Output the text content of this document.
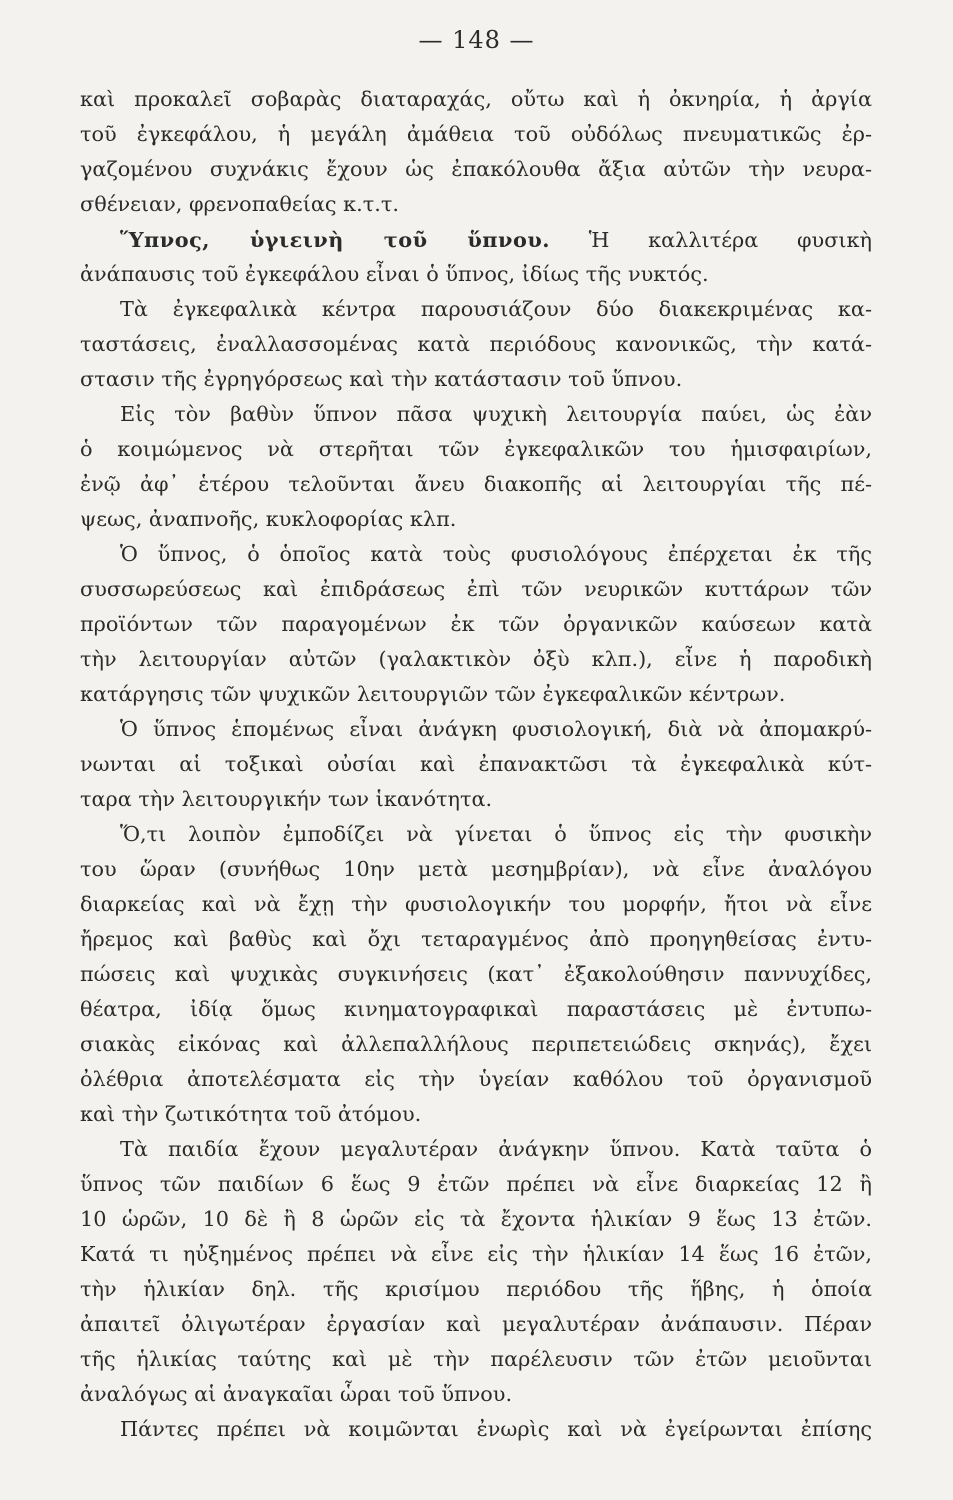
— 148 —
καὶ προκαλεῖ σοβαρὰς διαταραχάς, οὔτω καὶ ἡ ὀκνηρία, ἡ ἀργία
τοῦ ἐγκεφάλου, ἡ μεγάλη ἀμάθεια τοῦ οὐδόλως πνευματικῶς ἐρ-
γαζομένου συχνάκις ἔχουν ὡς ἐπακόλουθα ἄξια αὐτῶν τὴν νευρα-
σθένειαν, φρενοπαθείας κ.τ.τ.
Ὕπνος, ὑγιεινὴ τοῦ ὕπνου. Ἡ καλλιτέρα φυσικὴ
ἀνάπαυσις τοῦ ἐγκεφάλου εἶναι ὁ ὕπνος, ἰδίως τῆς νυκτός.
Τὰ ἐγκεφαλικὰ κέντρα παρουσιάζουν δύο διακεκριμένας κα-
ταστάσεις, ἐναλλασσομένας κατὰ περιόδους κανονικῶς, τὴν κατά-
στασιν τῆς ἐγρηγόρσεως καὶ τὴν κατάστασιν τοῦ ὕπνου.
Εἰς τὸν βαθὺν ὕπνον πᾶσα ψυχικὴ λειτουργία παύει, ὡς ἐὰν
ὁ κοιμώμενος νὰ στερῆται τῶν ἐγκεφαλικῶν του ἡμισφαιρίων,
ἐνῷ ἀφ᾽ ἑτέρου τελοῦνται ἄνευ διακοπῆς αἱ λειτουργίαι τῆς πέ-
ψεως, ἀναπνοῆς, κυκλοφορίας κλπ.
Ὁ ὕπνος, ὁ ὁποῖος κατὰ τοὺς φυσιολόγους ἐπέρχεται ἐκ τῆς
συσσωρεύσεως καὶ ἐπιδράσεως ἐπὶ τῶν νευρικῶν κυττάρων τῶν
προϊόντων τῶν παραγομένων ἐκ τῶν ὀργανικῶν καύσεων κατὰ
τὴν λειτουργίαν αὐτῶν (γαλακτικὸν ὀξὺ κλπ.), εἶνε ἡ παροδικὴ
κατάργησις τῶν ψυχικῶν λειτουργιῶν τῶν ἐγκεφαλικῶν κέντρων.
Ὁ ὕπνος ἑπομένως εἶναι ἀνάγκη φυσιολογική, διὰ νὰ ἀπομακρύ-
νωνται αἱ τοξικαὶ οὐσίαι καὶ ἐπανακτῶσι τὰ ἐγκεφαλικὰ κύτ-
ταρα τὴν λειτουργικήν των ἱκανότητα.
Ὅ,τι λοιπὸν ἐμποδίζει νὰ γίνεται ὁ ὕπνος εἰς τὴν φυσικὴν
του ὥραν (συνήθως 10ην μετὰ μεσημβρίαν), νὰ εἶνε ἀναλόγου
διαρκείας καὶ νὰ ἔχῃ τὴν φυσιολογικήν του μορφήν, ἤτοι νὰ εἶνε
ἤρεμος καὶ βαθὺς καὶ ὄχι τεταραγμένος ἀπὸ προηγηθείσας ἐντυ-
πώσεις καὶ ψυχικὰς συγκινήσεις (κατ᾽ ἐξακολούθησιν παννυχίδες,
θέατρα, ἰδίᾳ ὅμως κινηματογραφικαὶ παραστάσεις μὲ ἐντυπω-
σιακὰς εἰκόνας καὶ ἀλλεπαλλήλους περιπετειώδεις σκηνάς), ἔχει
ὀλέθρια ἀποτελέσματα εἰς τὴν ὑγείαν καθόλου τοῦ ὀργανισμοῦ
καὶ τὴν ζωτικότητα τοῦ ἀτόμου.
Τὰ παιδία ἔχουν μεγαλυτέραν ἀνάγκην ὕπνου. Κατὰ ταῦτα ὁ
ὕπνος τῶν παιδίων 6 ἕως 9 ἐτῶν πρέπει νὰ εἶνε διαρκείας 12 ἢ
10 ὡρῶν, 10 δὲ ἢ 8 ὡρῶν εἰς τὰ ἔχοντα ἡλικίαν 9 ἕως 13 ἐτῶν.
Κατά τι ηὐξημένος πρέπει νὰ εἶνε εἰς τὴν ἡλικίαν 14 ἕως 16 ἐτῶν,
τὴν ἡλικίαν δηλ. τῆς κρισίμου περιόδου τῆς ἥβης, ἡ ὁποία
ἀπαιτεῖ ὀλιγωτέραν ἐργασίαν καὶ μεγαλυτέραν ἀνάπαυσιν. Πέραν
τῆς ἡλικίας ταύτης καὶ μὲ τὴν παρέλευσιν τῶν ἐτῶν μειοῦνται
ἀναλόγως αἱ ἀναγκαῖαι ὧραι τοῦ ὕπνου.
Πάντες πρέπει νὰ κοιμῶνται ἐνωρὶς καὶ νὰ ἐγείρωνται ἐπίσης
